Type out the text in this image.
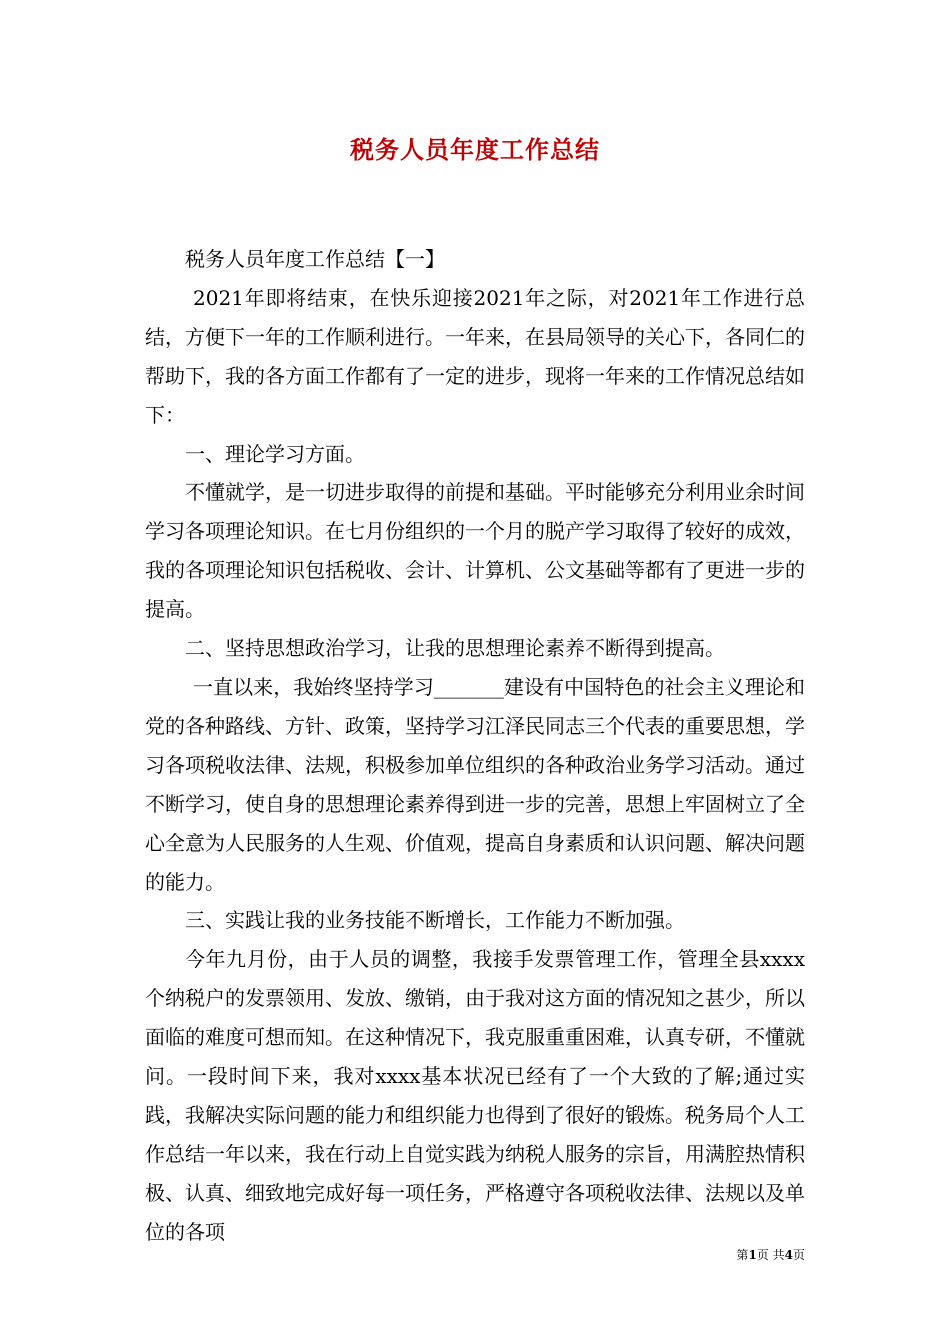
税务人员年度工作总结

税务人员年度工作总结【一】

2021年即将结束，在快乐迎接2021年之际，对2021年工作进行总结，方便下一年的工作顺利进行。一年来，在县局领导的关心下，各同仁的帮助下，我的各方面工作都有了一定的进步，现将一年来的工作情况总结如下：

一、理论学习方面。

不懂就学，是一切进步取得的前提和基础。平时能够充分利用业余时间学习各项理论知识。在七月份组织的一个月的脱产学习取得了较好的成效，我的各项理论知识包括税收、会计、计算机、公文基础等都有了更进一步的提高。

二、坚持思想政治学习，让我的思想理论素养不断得到提高。

一直以来，我始终坚持学习_______建设有中国特色的社会主义理论和党的各种路线、方针、政策，坚持学习江泽民同志三个代表的重要思想，学习各项税收法律、法规，积极参加单位组织的各种政治业务学习活动。通过不断学习，使自身的思想理论素养得到进一步的完善，思想上牢固树立了全心全意为人民服务的人生观、价值观，提高自身素质和认识问题、解决问题的能力。

三、实践让我的业务技能不断增长，工作能力不断加强。

今年九月份，由于人员的调整，我接手发票管理工作，管理全县xxxx个纳税户的发票领用、发放、缴销，由于我对这方面的情况知之甚少，所以面临的难度可想而知。在这种情况下，我克服重重困难，认真专研，不懂就问。一段时间下来，我对xxxx基本状况已经有了一个大致的了解;通过实践，我解决实际问题的能力和组织能力也得到了很好的锻炼。税务局个人工作总结一年以来，我在行动上自觉实践为纳税人服务的宗旨，用满腔热情积极、认真、细致地完成好每一项任务，严格遵守各项税收法律、法规以及单位的各项

第1页 共4页
